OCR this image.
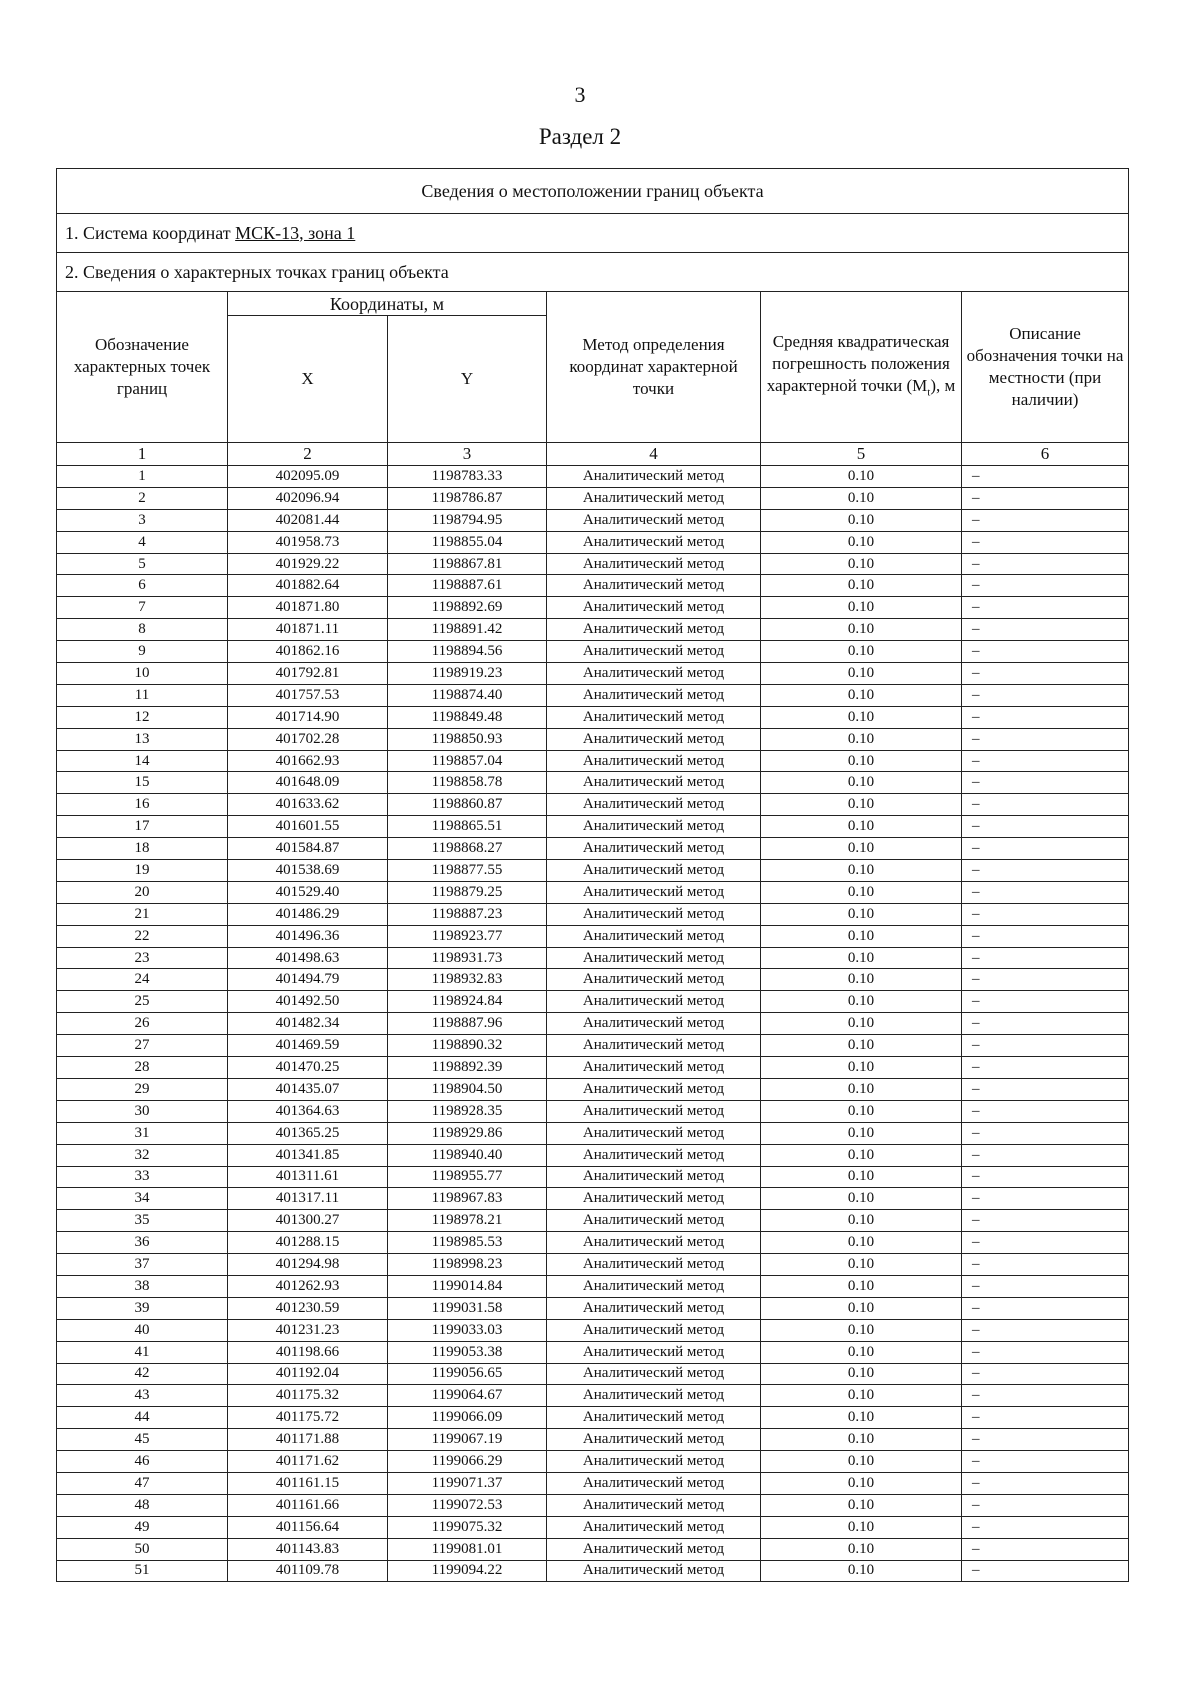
3
Раздел 2
Сведения о местоположении границ объекта					
1. Система координат МСК-13, зона 1					
2. Сведения о характерных точках границ объекта					
Обозначение характерных точек границ	Координаты, м		Метод определения координат характерной точки	Средняя квадратическая погрешность положения характерной точки $(M_t)$, м	Описание обозначения точки на местности (при наличии)
	X	Y			
1	2	3	4	5	6
1	402095.09	1198783.33	Аналитический метод	0.10	–
2	402096.94	1198786.87	Аналитический метод	0.10	–
3	402081.44	1198794.95	Аналитический метод	0.10	–
4	401958.73	1198855.04	Аналитический метод	0.10	–
5	401929.22	1198867.81	Аналитический метод	0.10	–
6	401882.64	1198887.61	Аналитический метод	0.10	–
7	401871.80	1198892.69	Аналитический метод	0.10	–
8	401871.11	1198891.42	Аналитический метод	0.10	–
9	401862.16	1198894.56	Аналитический метод	0.10	–
10	401792.81	1198919.23	Аналитический метод	0.10	–
11	401757.53	1198874.40	Аналитический метод	0.10	–
12	401714.90	1198849.48	Аналитический метод	0.10	–
13	401702.28	1198850.93	Аналитический метод	0.10	–
14	401662.93	1198857.04	Аналитический метод	0.10	–
15	401648.09	1198858.78	Аналитический метод	0.10	–
16	401633.62	1198860.87	Аналитический метод	0.10	–
17	401601.55	1198865.51	Аналитический метод	0.10	–
18	401584.87	1198868.27	Аналитический метод	0.10	–
19	401538.69	1198877.55	Аналитический метод	0.10	–
20	401529.40	1198879.25	Аналитический метод	0.10	–
21	401486.29	1198887.23	Аналитический метод	0.10	–
22	401496.36	1198923.77	Аналитический метод	0.10	–
23	401498.63	1198931.73	Аналитический метод	0.10	–
24	401494.79	1198932.83	Аналитический метод	0.10	–
25	401492.50	1198924.84	Аналитический метод	0.10	–
26	401482.34	1198887.96	Аналитический метод	0.10	–
27	401469.59	1198890.32	Аналитический метод	0.10	–
28	401470.25	1198892.39	Аналитический метод	0.10	–
29	401435.07	1198904.50	Аналитический метод	0.10	–
30	401364.63	1198928.35	Аналитический метод	0.10	–
31	401365.25	1198929.86	Аналитический метод	0.10	–
32	401341.85	1198940.40	Аналитический метод	0.10	–
33	401311.61	1198955.77	Аналитический метод	0.10	–
34	401317.11	1198967.83	Аналитический метод	0.10	–
35	401300.27	1198978.21	Аналитический метод	0.10	–
36	401288.15	1198985.53	Аналитический метод	0.10	–
37	401294.98	1198998.23	Аналитический метод	0.10	–
38	401262.93	1199014.84	Аналитический метод	0.10	–
39	401230.59	1199031.58	Аналитический метод	0.10	–
40	401231.23	1199033.03	Аналитический метод	0.10	–
41	401198.66	1199053.38	Аналитический метод	0.10	–
42	401192.04	1199056.65	Аналитический метод	0.10	–
43	401175.32	1199064.67	Аналитический метод	0.10	–
44	401175.72	1199066.09	Аналитический метод	0.10	–
45	401171.88	1199067.19	Аналитический метод	0.10	–
46	401171.62	1199066.29	Аналитический метод	0.10	–
47	401161.15	1199071.37	Аналитический метод	0.10	–
48	401161.66	1199072.53	Аналитический метод	0.10	–
49	401156.64	1199075.32	Аналитический метод	0.10	–
50	401143.83	1199081.01	Аналитический метод	0.10	–
51	401109.78	1199094.22	Аналитический метод	0.10	–
